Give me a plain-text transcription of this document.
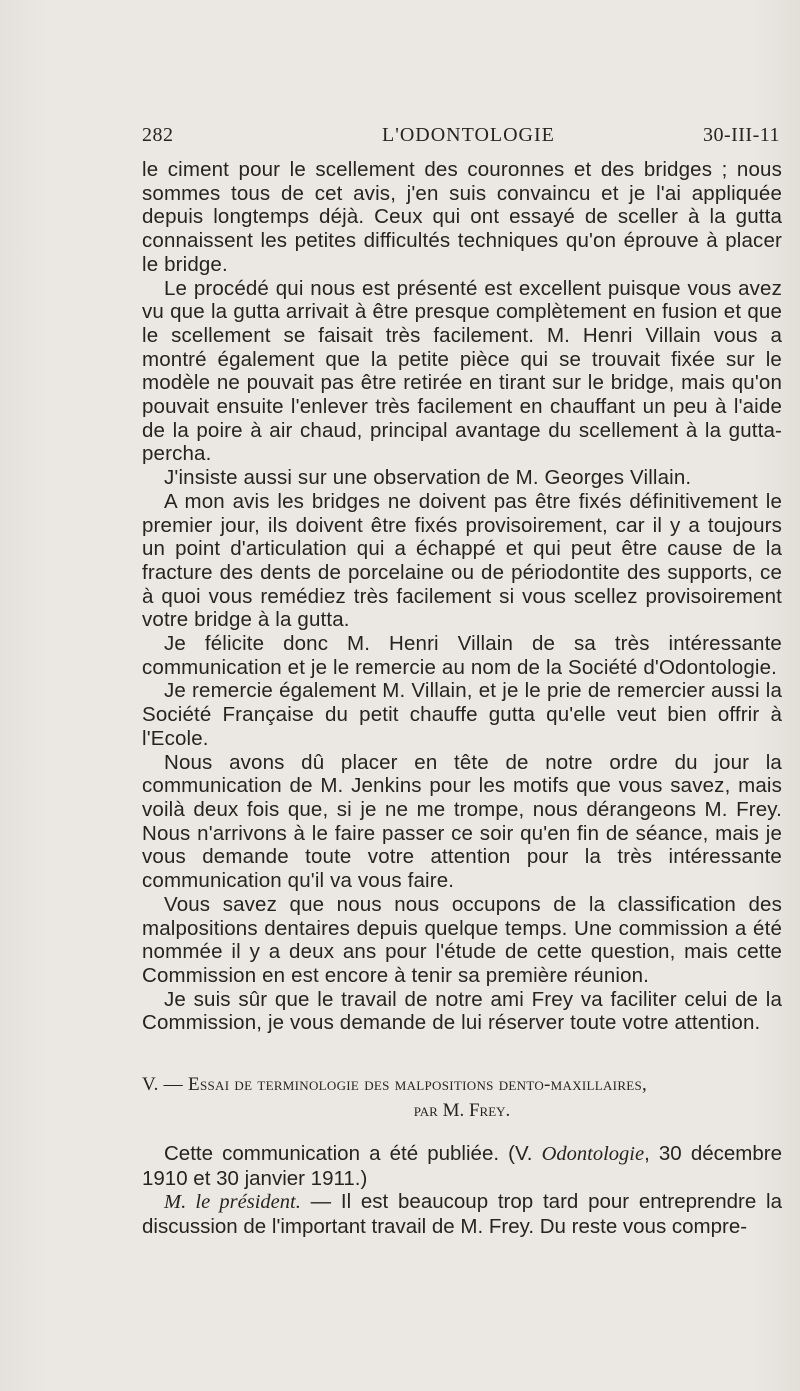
282	L'ODONTOLOGIE	30-III-11

le ciment pour le scellement des couronnes et des bridges ; nous sommes tous de cet avis, j'en suis convaincu et je l'ai appliquée depuis longtemps déjà. Ceux qui ont essayé de sceller à la gutta connaissent les petites difficultés techniques qu'on éprouve à placer le bridge.

Le procédé qui nous est présenté est excellent puisque vous avez vu que la gutta arrivait à être presque complètement en fusion et que le scellement se faisait très facilement. M. Henri Villain vous a montré également que la petite pièce qui se trouvait fixée sur le modèle ne pouvait pas être retirée en tirant sur le bridge, mais qu'on pouvait ensuite l'enlever très facilement en chauffant un peu à l'aide de la poire à air chaud, principal avantage du scellement à la gutta-percha.

J'insiste aussi sur une observation de M. Georges Villain.

A mon avis les bridges ne doivent pas être fixés définitivement le premier jour, ils doivent être fixés provisoirement, car il y a toujours un point d'articulation qui a échappé et qui peut être cause de la fracture des dents de porcelaine ou de périodontite des supports, ce à quoi vous remédiez très facilement si vous scellez provisoirement votre bridge à la gutta.

Je félicite donc M. Henri Villain de sa très intéressante communication et je le remercie au nom de la Société d'Odontologie.

Je remercie également M. Villain, et je le prie de remercier aussi la Société Française du petit chauffe gutta qu'elle veut bien offrir à l'Ecole.

Nous avons dû placer en tête de notre ordre du jour la communication de M. Jenkins pour les motifs que vous savez, mais voilà deux fois que, si je ne me trompe, nous dérangeons M. Frey. Nous n'arrivons à le faire passer ce soir qu'en fin de séance, mais je vous demande toute votre attention pour la très intéressante communication qu'il va vous faire.

Vous savez que nous nous occupons de la classification des malpositions dentaires depuis quelque temps. Une commission a été nommée il y a deux ans pour l'étude de cette question, mais cette Commission en est encore à tenir sa première réunion.

Je suis sûr que le travail de notre ami Frey va faciliter celui de la Commission, je vous demande de lui réserver toute votre attention.

V. — Essai de terminologie des malpositions dento-maxillaires,
par M. Frey.

Cette communication a été publiée. (V. Odontologie, 30 décembre 1910 et 30 janvier 1911.)

M. le président. — Il est beaucoup trop tard pour entreprendre la discussion de l'important travail de M. Frey. Du reste vous compre-
